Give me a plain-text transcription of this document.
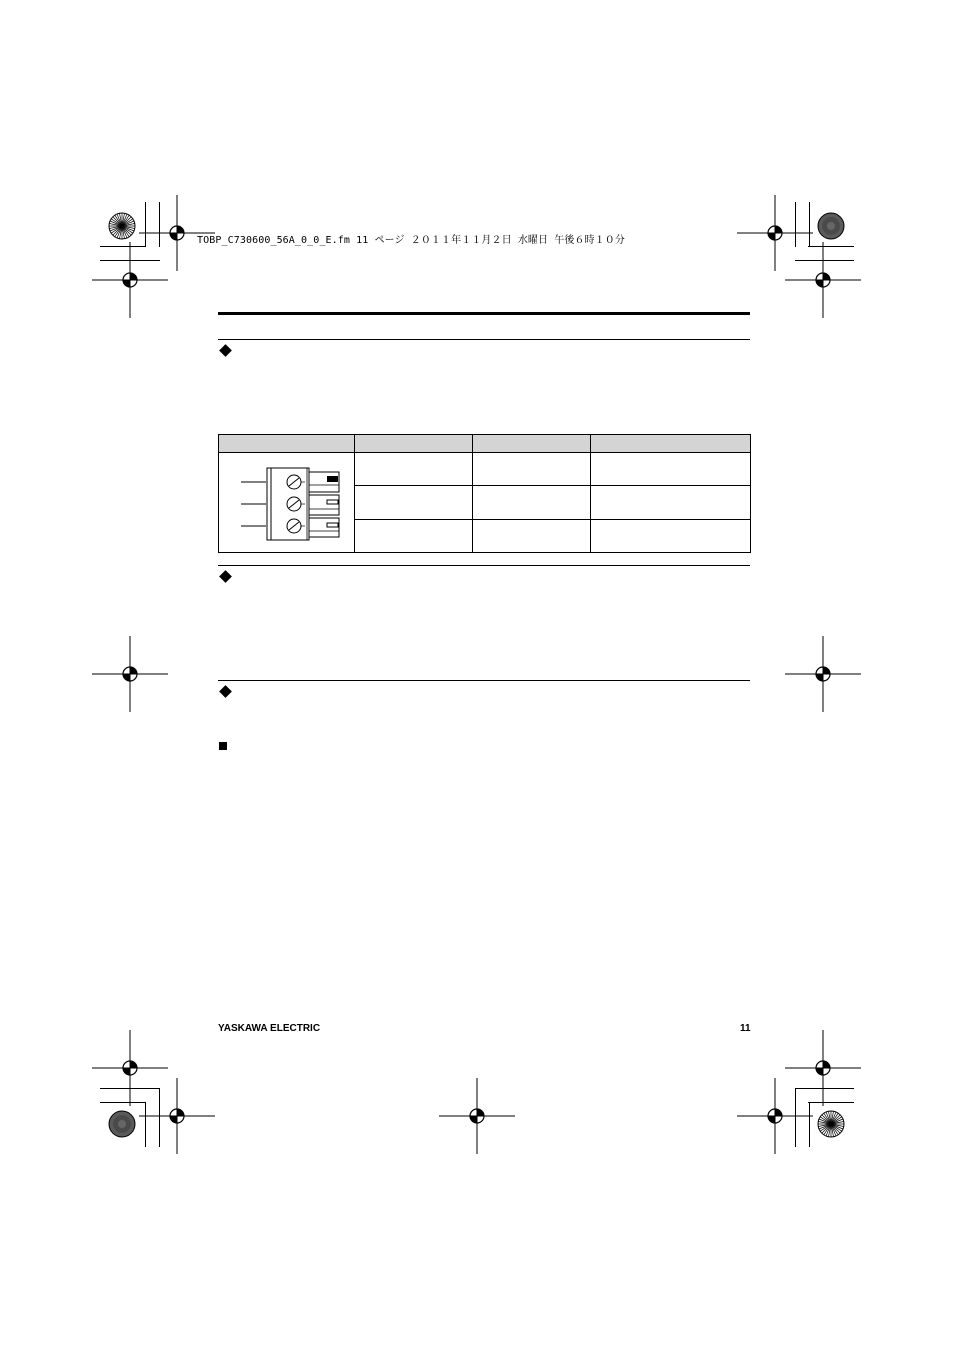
TOBP_C730600_56A_0_0_E.fm 11 ページ ２０１１年１１月２日 水曜日 午後６時１０分

YASKAWA ELECTRIC	11
